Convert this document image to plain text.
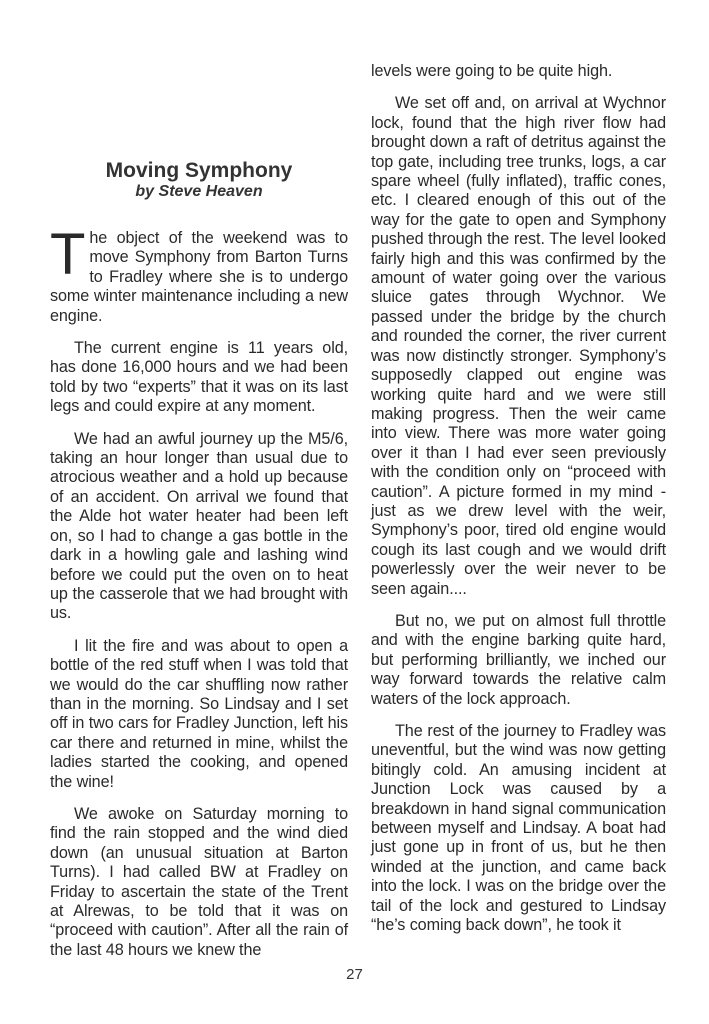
Moving Symphony
by Steve Heaven

The object of the weekend was to move Symphony from Barton Turns to Fradley where she is to undergo some winter maintenance including a new engine.

The current engine is 11 years old, has done 16,000 hours and we had been told by two “experts” that it was on its last legs and could expire at any moment.

We had an awful journey up the M5/6, taking an hour longer than usual due to atrocious weather and a hold up because of an accident. On arrival we found that the Alde hot water heater had been left on, so I had to change a gas bottle in the dark in a howling gale and lashing wind before we could put the oven on to heat up the casserole that we had brought with us.

I lit the fire and was about to open a bottle of the red stuff when I was told that we would do the car shuffling now rather than in the morning. So Lindsay and I set off in two cars for Fradley Junction, left his car there and returned in mine, whilst the ladies started the cooking, and opened the wine!

We awoke on Saturday morning to find the rain stopped and the wind died down (an unusual situation at Barton Turns). I had called BW at Fradley on Friday to ascertain the state of the Trent at Alrewas, to be told that it was on “proceed with caution”. After all the rain of the last 48 hours we knew the

levels were going to be quite high.

We set off and, on arrival at Wychnor lock, found that the high river flow had brought down a raft of detritus against the top gate, including tree trunks, logs, a car spare wheel (fully inflated), traffic cones, etc. I cleared enough of this out of the way for the gate to open and Symphony pushed through the rest. The level looked fairly high and this was confirmed by the amount of water going over the various sluice gates through Wychnor. We passed under the bridge by the church and rounded the corner, the river current was now distinctly stronger. Symphony’s supposedly clapped out engine was working quite hard and we were still making progress. Then the weir came into view. There was more water going over it than I had ever seen previously with the condition only on “proceed with caution”. A picture formed in my mind - just as we drew level with the weir, Symphony’s poor, tired old engine would cough its last cough and we would drift powerlessly over the weir never to be seen again....

But no, we put on almost full throttle and with the engine barking quite hard, but performing brilliantly, we inched our way forward towards the relative calm waters of the lock approach.

The rest of the journey to Fradley was uneventful, but the wind was now getting bitingly cold. An amusing incident at Junction Lock was caused by a breakdown in hand signal communication between myself and Lindsay. A boat had just gone up in front of us, but he then winded at the junction, and came back into the lock. I was on the bridge over the tail of the lock and gestured to Lindsay “he’s coming back down”, he took it

27
